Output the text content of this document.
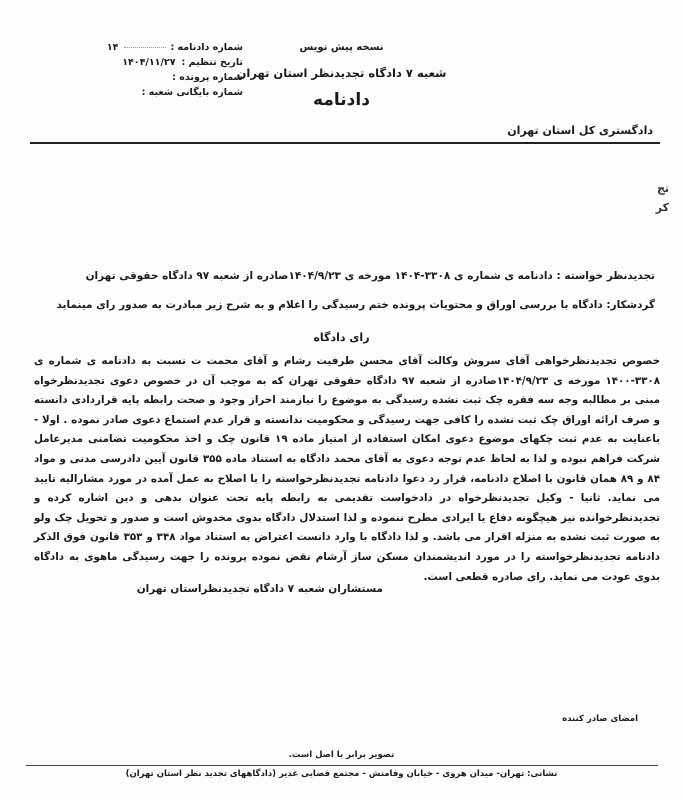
شماره دادنامه :۱۴
تاریخ تنظیم :۱۴۰۴/۱۱/۲۷
شماره پرونده :
شماره بایگانی شعبه :
نسخه پیش نویس
شعبه ۷ دادگاه تجدیدنظر استان تهران
دادنامه
دادگستری کل استان تهران
تج
کر
تجدیدنظر خواسته : دادنامه ی شماره ی ۳۳۰۸-۱۴۰۴ مورخه ی ۱۴۰۴/۹/۲۳صادره از شعبه ۹۷ دادگاه حقوقی تهران
گردشکار: دادگاه با بررسی اوراق و محتویات پرونده ختم رسیدگی را اعلام و به شرح زیر مبادرت به صدور رای مینماید
رای دادگاه

خصوص تجدیدنظرخواهی آقای سروش وکالت آقای محسن طرفیت رشام و آقای محمت ت نسبت به دادنامه ی شماره ی ۳۳۰۸-۱۴۰۰ مورخه ی ۱۴۰۴/۹/۲۳صادره از شعبه ۹۷ دادگاه حقوقی تهران که به موجب آن در خصوص دعوی تجدیدنظرخواه مبنی بر مطالبه وجه سه فقره چک ثبت نشده رسیدگی به موضوع را نیازمند احراز وجود و صحت رابطه پایه قراردادی دانسته و صرف ارائه اوراق چک ثبت نشده را کافی جهت رسیدگی و محکومیت ندانسته و قرار عدم استماع دعوی صادر نموده . اولا - باعنایت به عدم ثبت چکهای موضوع دعوی امکان استفاده از امتیاز ماده ۱۹ قانون چک و اخذ محکومیت تضامنی مدیرعامل شرکت فراهم نبوده و لذا به لحاظ عدم توجه دعوی به آقای محمد دادگاه به استناد ماده ۳۵۵ قانون آیین دادرسی مدنی و مواد ۸۴ و ۸۹ همان قانون با اصلاح دادنامه، قرار رد دعوا دادنامه تجدیدنظرخواسته را با اصلاح به عمل آمده در مورد مشارالیه تایید می نماید. ثانیا - وکیل تجدیدنظرخواه در دادخواست تقدیمی به رابطه پایه تحت عنوان بدهی و دین اشاره کرده و تجدیدنظرخوانده نیز هیچگونه دفاع یا ایرادی مطرح ننموده و لذا استدلال دادگاه بدوی مخدوش است و صدور و تحویل چک ولو به صورت ثبت نشده به منزله اقرار می باشد. و لذا دادگاه با وارد دانست اعتراض به استناد مواد ۳۴۸ و ۳۵۳ قانون فوق الذکر دادنامه تجدیدنظرخواسته را در مورد اندیشمندان مسکن ساز آرشام نقض نموده پرونده را جهت رسیدگی ماهوی به دادگاه بدوی عودت می نماید. رای صادره قطعی است.

مستشاران شعبه ۷ دادگاه تجدیدنظراستان تهران
امضای صادر کننده
تصویر برابر با اصل است.
نشانی: تهران- میدان هروی - خیابان وفامنش - مجتمع قضایی غدیر (دادگاههای تجدید نظر استان تهران)
